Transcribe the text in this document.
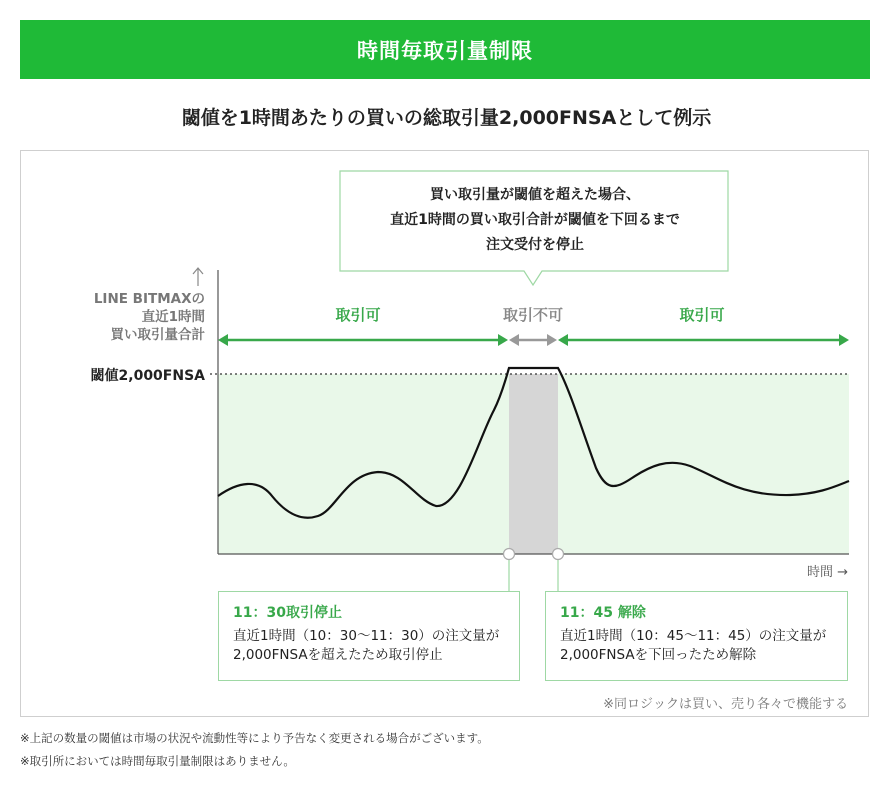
時間毎取引量制限
閾値を1時間あたりの買いの総取引量2,000FNSAとして例示
買い取引量が閾値を超えた場合、
直近1時間の買い取引合計が閾値を下回るまで
注文受付を停止
LINE BITMAXの
直近1時間
買い取引量合計
閾値2,000FNSA
取引可	取引不可	取引可
時間 →
11：30取引停止
直近1時間（10：30〜11：30）の注文量が
2,000FNSAを超えたため取引停止
11：45 解除
直近1時間（10：45〜11：45）の注文量が
2,000FNSAを下回ったため解除
※同ロジックは買い、売り各々で機能する
※上記の数量の閾値は市場の状況や流動性等により予告なく変更される場合がございます。
※取引所においては時間毎取引量制限はありません。
